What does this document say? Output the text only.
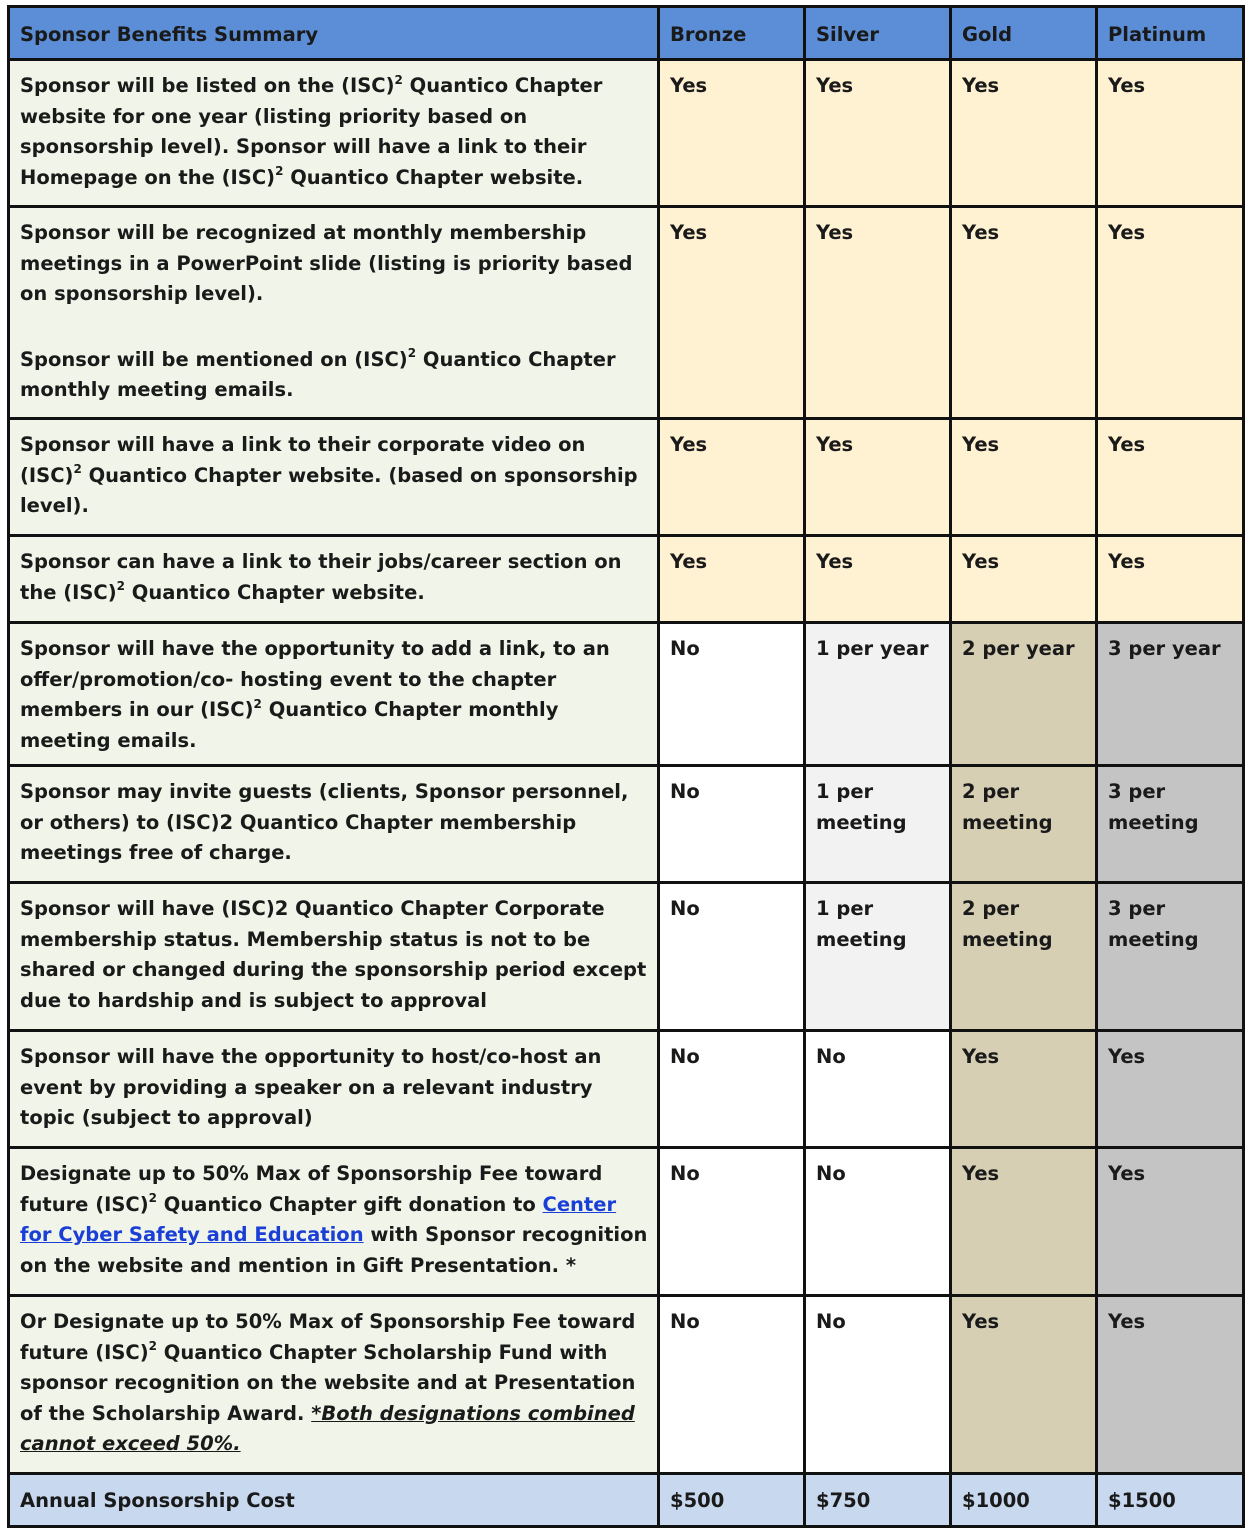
Sponsor Benefits Summary	Bronze	Silver	Gold	Platinum
Sponsor will be listed on the (ISC)$^2$ Quantico Chapter website for one year (listing priority based on sponsorship level). Sponsor will have a link to their Homepage on the (ISC)$^2$ Quantico Chapter website.	Yes	Yes	Yes	Yes

Sponsor will be recognized at monthly membership meetings in a PowerPoint slide (listing is priority based on sponsorship level).
Sponsor will be mentioned on (ISC)$^2$ Quantico Chapter monthly meeting emails.	Yes	Yes	Yes	Yes
Sponsor will have a link to their corporate video on (ISC)$^2$ Quantico Chapter website. (based on sponsorship level).	Yes	Yes	Yes	Yes
Sponsor can have a link to their jobs/career section on the (ISC)$^2$ Quantico Chapter website.	Yes	Yes	Yes	Yes
Sponsor will have the opportunity to add a link, to an offer/promotion/co- hosting event to the chapter members in our (ISC)$^2$ Quantico Chapter monthly meeting emails.	No	1 per year	2 per year	3 per year
Sponsor may invite guests (clients, Sponsor personnel, or others) to (ISC)2 Quantico Chapter membership meetings free of charge.	No	1 per meeting	2 per meeting	3 per meeting
Sponsor will have (ISC)2 Quantico Chapter Corporate membership status. Membership status is not to be shared or changed during the sponsorship period except due to hardship and is subject to approval	No	1 per meeting	2 per meeting	3 per meeting
Sponsor will have the opportunity to host/co-host an event by providing a speaker on a relevant industry topic (subject to approval)	No	No	Yes	Yes
Designate up to 50% Max of Sponsorship Fee toward future (ISC)$^2$ Quantico Chapter gift donation to Center for Cyber Safety and Education with Sponsor recognition on the website and mention in Gift Presentation. *	No	No	Yes	Yes
Or Designate up to 50% Max of Sponsorship Fee toward future (ISC)$^2$ Quantico Chapter Scholarship Fund with sponsor recognition on the website and at Presentation of the Scholarship Award. *Both designations combined cannot exceed 50%.	No	No	Yes	Yes
Annual Sponsorship Cost	$500	$750	$1000	$1500
